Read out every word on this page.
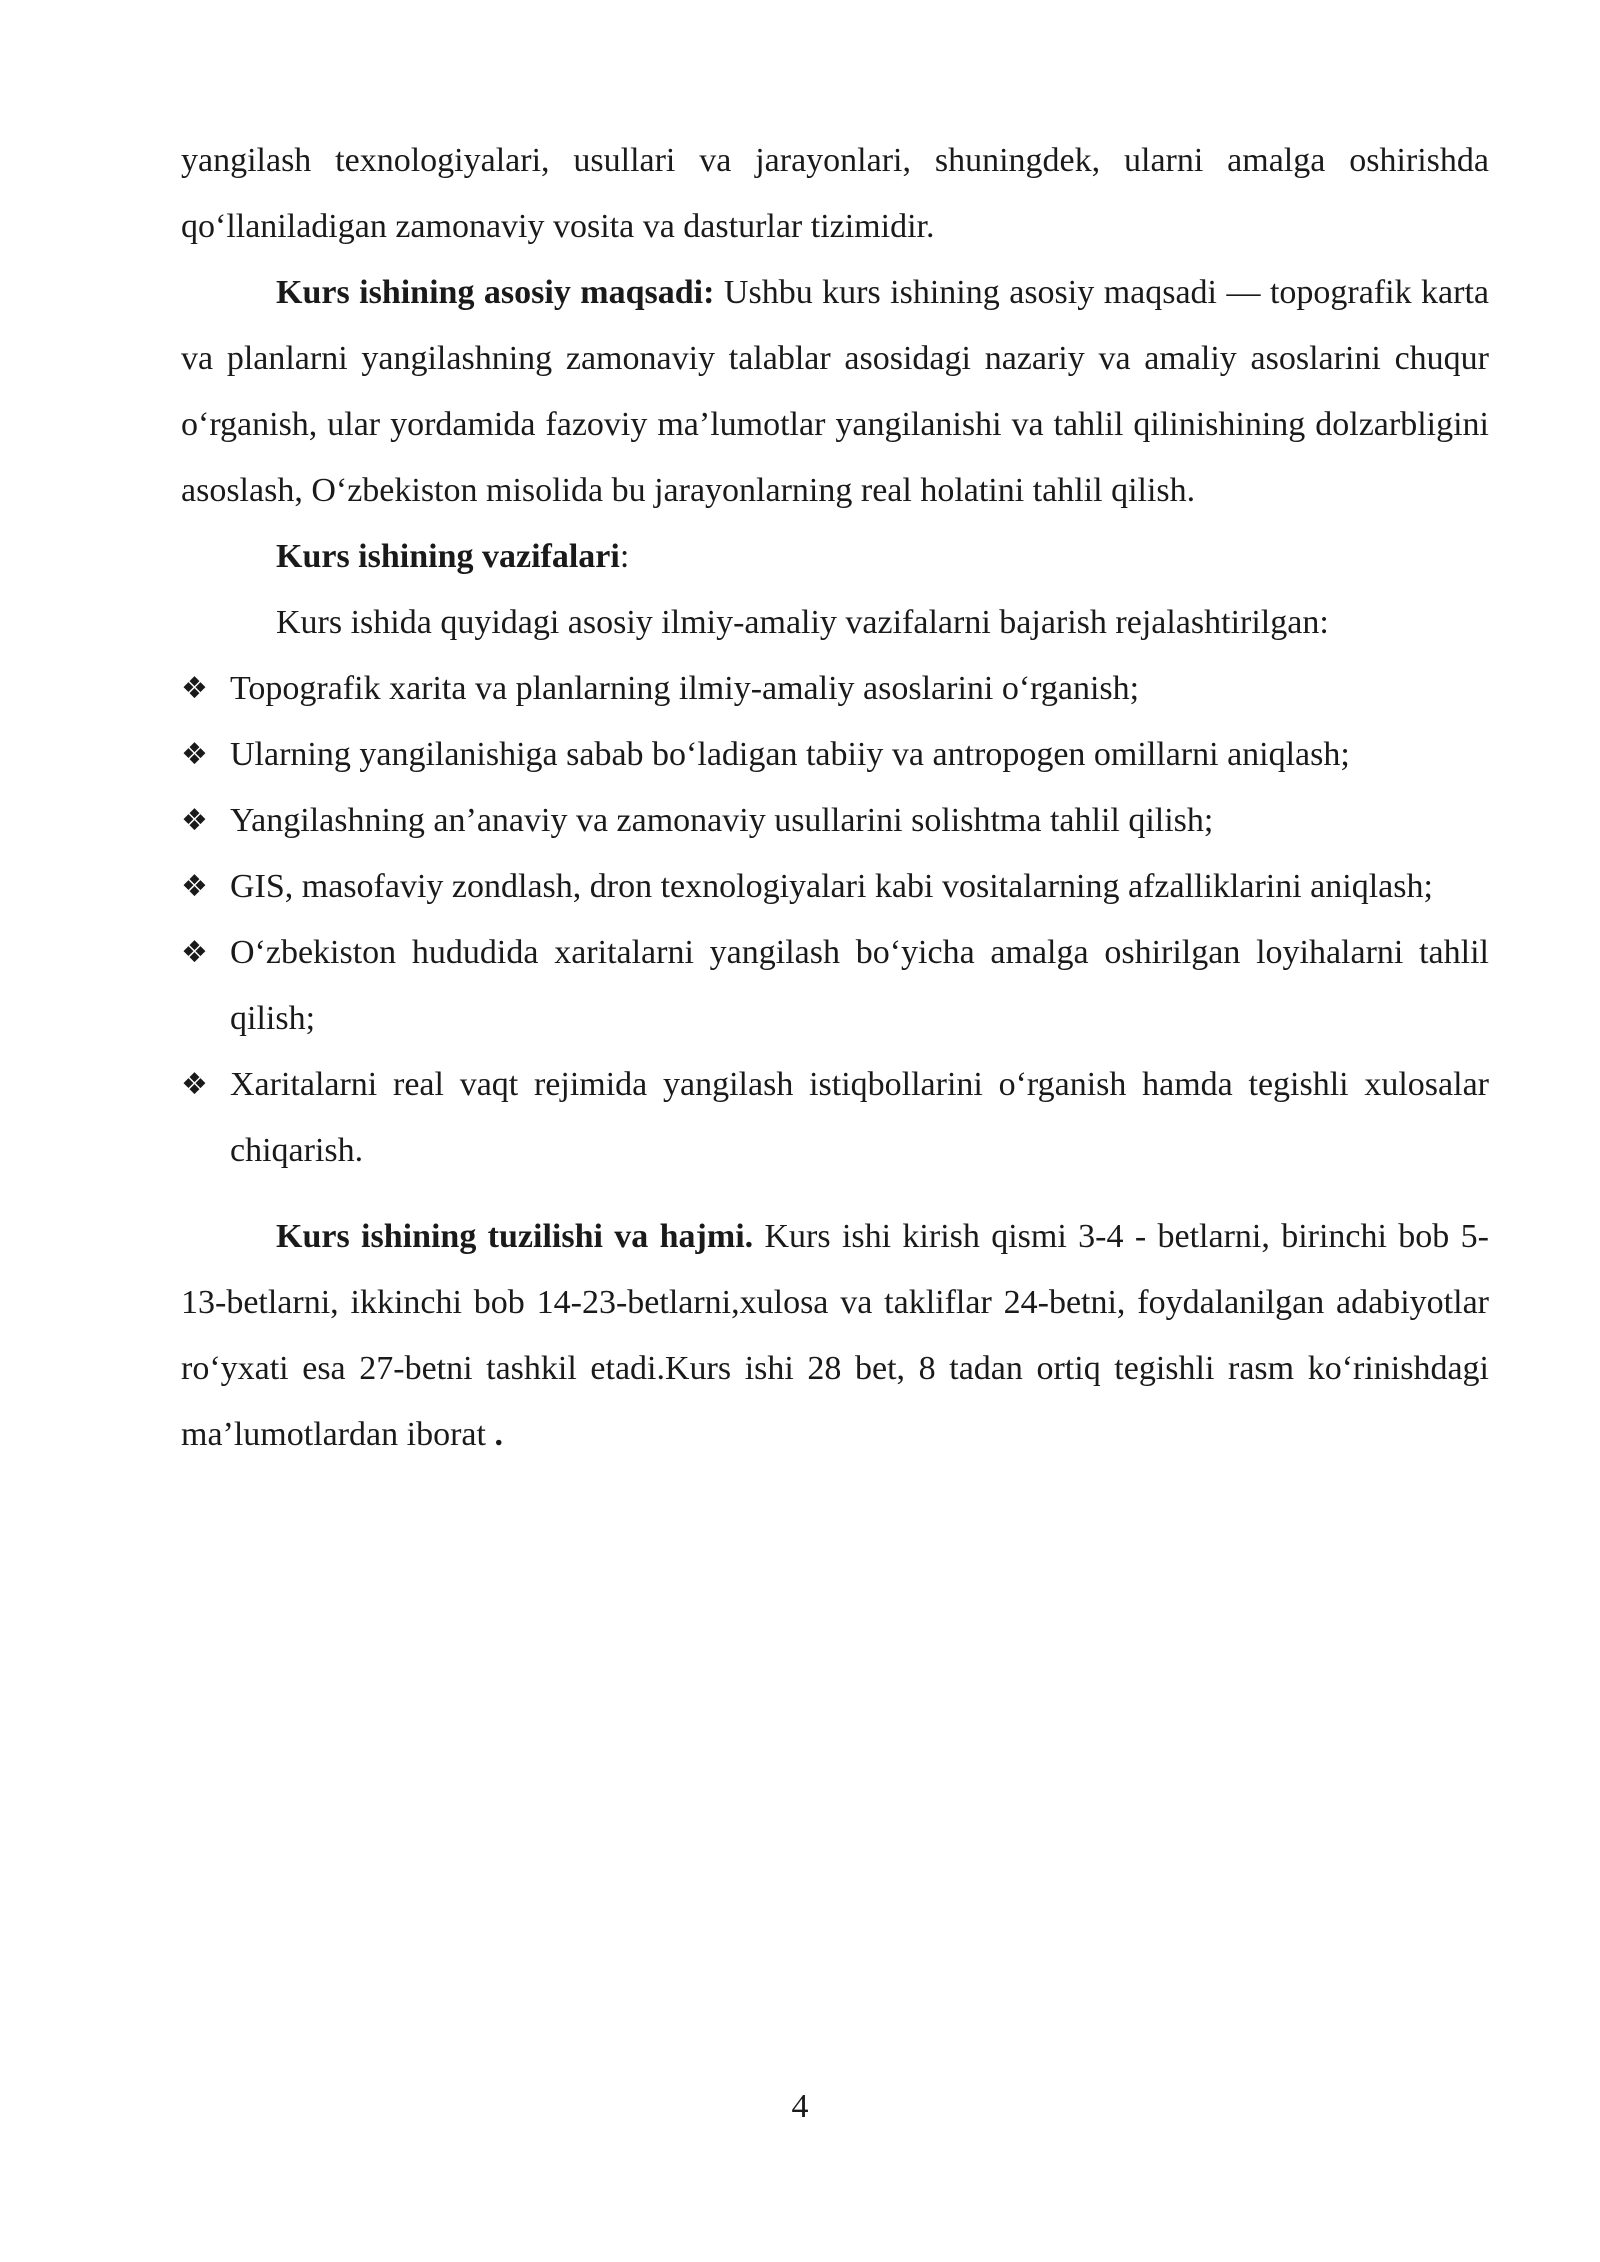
yangilash texnologiyalari, usullari va jarayonlari, shuningdek, ularni amalga oshirishda qo‘llaniladigan zamonaviy vosita va dasturlar tizimidir.

Kurs ishining asosiy maqsadi: Ushbu kurs ishining asosiy maqsadi — topografik karta va planlarni yangilashning zamonaviy talablar asosidagi nazariy va amaliy asoslarini chuqur o‘rganish, ular yordamida fazoviy ma’lumotlar yangilanishi va tahlil qilinishining dolzarbligini asoslash, O‘zbekiston misolida bu jarayonlarning real holatini tahlil qilish.

Kurs ishining vazifalari:

Kurs ishida quyidagi asosiy ilmiy-amaliy vazifalarni bajarish rejalashtirilgan:

❖ Topografik xarita va planlarning ilmiy-amaliy asoslarini o‘rganish;
❖ Ularning yangilanishiga sabab bo‘ladigan tabiiy va antropogen omillarni aniqlash;
❖ Yangilashning an’anaviy va zamonaviy usullarini solishtma tahlil qilish;
❖ GIS, masofaviy zondlash, dron texnologiyalari kabi vositalarning afzalliklarini aniqlash;
❖ O‘zbekiston hududida xaritalarni yangilash bo‘yicha amalga oshirilgan loyihalarni tahlil qilish;
❖ Xaritalarni real vaqt rejimida yangilash istiqbollarini o‘rganish hamda tegishli xulosalar chiqarish.

Kurs ishining tuzilishi va hajmi. Kurs ishi kirish qismi 3-4 - betlarni, birinchi bob 5-13-betlarni, ikkinchi bob 14-23-betlarni,xulosa va takliflar 24-betni, foydalanilgan adabiyotlar ro‘yxati esa 27-betni tashkil etadi.Kurs ishi 28 bet, 8 tadan ortiq tegishli rasm ko‘rinishdagi ma’lumotlardan iborat .

4
